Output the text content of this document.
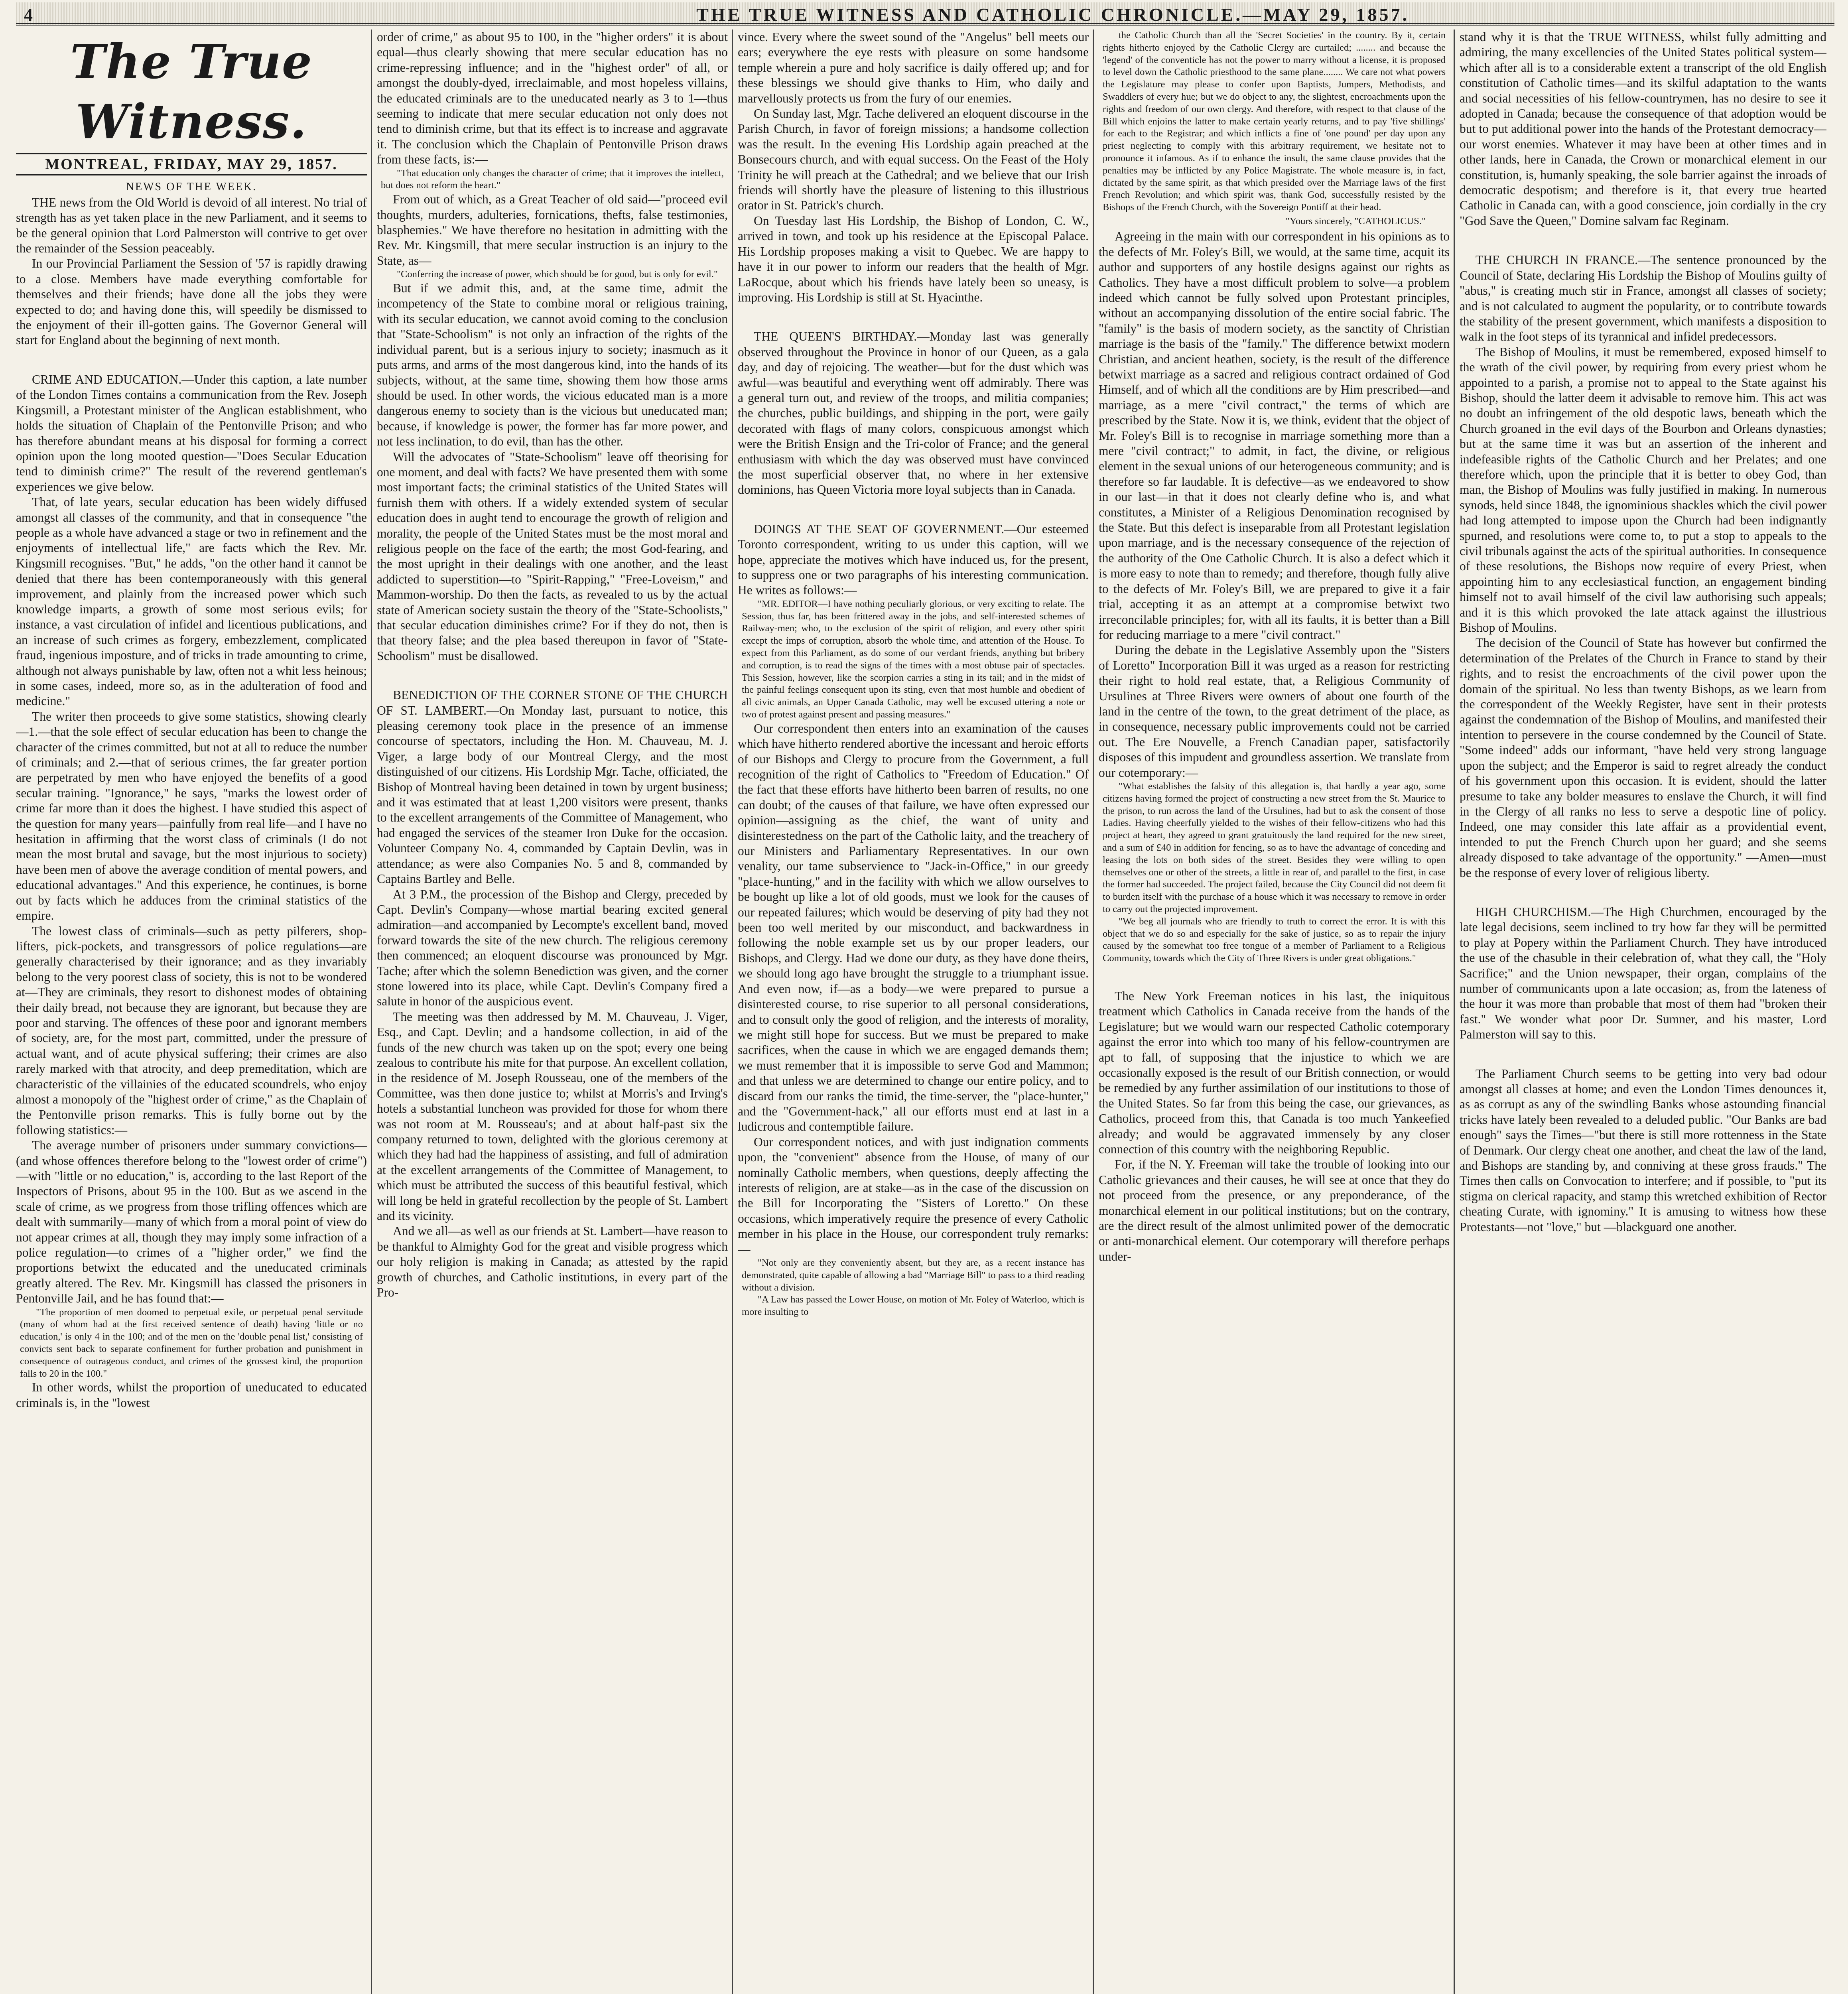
4	THE TRUE WITNESS AND CATHOLIC CHRONICLE.—MAY 29, 1857.
The True Witness.
MONTREAL, FRIDAY, MAY 29, 1857.

NEWS OF THE WEEK.

THE news from the Old World is devoid of all interest. No trial of strength has as yet taken place in the new Parliament, and it seems to be the general opinion that Lord Palmerston will contrive to get over the remainder of the Session peaceably.

In our Provincial Parliament the Session of '57 is rapidly drawing to a close. Members have made everything comfortable for themselves and their friends; have done all the jobs they were expected to do; and having done this, will speedily be dismissed to the enjoyment of their ill-gotten gains. The Governor General will start for England about the beginning of next month.

CRIME AND EDUCATION.—Under this caption, a late number of the London Times contains a communication from the Rev. Joseph Kingsmill, a Protestant minister of the Anglican establishment, who holds the situation of Chaplain of the Pentonville Prison; and who has therefore abundant means at his disposal for forming a correct opinion upon the long mooted question—"Does Secular Education tend to diminish crime?" The result of the reverend gentleman's experiences we give below.

That, of late years, secular education has been widely diffused amongst all classes of the community, and that in consequence "the people as a whole have advanced a stage or two in refinement and the enjoyments of intellectual life," are facts which the Rev. Mr. Kingsmill recognises. "But," he adds, "on the other hand it cannot be denied that there has been contemporaneously with this general improvement, and plainly from the increased power which such knowledge imparts, a growth of some most serious evils; for instance, a vast circulation of infidel and licentious publications, and an increase of such crimes as forgery, embezzlement, complicated fraud, ingenious imposture, and of tricks in trade amounting to crime, although not always punishable by law, often not a whit less heinous; in some cases, indeed, more so, as in the adulteration of food and medicine."

The writer then proceeds to give some statistics, showing clearly—1.—that the sole effect of secular education has been to change the character of the crimes committed, but not at all to reduce the number of criminals; and 2.—that of serious crimes, the far greater portion are perpetrated by men who have enjoyed the benefits of a good secular training. "Ignorance," he says, "marks the lowest order of crime far more than it does the highest. I have studied this aspect of the question for many years—painfully from real life—and I have no hesitation in affirming that the worst class of criminals (I do not mean the most brutal and savage, but the most injurious to society) have been men of above the average condition of mental powers, and educational advantages." And this experience, he continues, is borne out by facts which he adduces from the criminal statistics of the empire.

The lowest class of criminals—such as petty pilferers, shop-lifters, pick-pockets, and transgressors of police regulations—are generally characterised by their ignorance; and as they invariably belong to the very poorest class of society, this is not to be wondered at—They are criminals, they resort to dishonest modes of obtaining their daily bread, not because they are ignorant, but because they are poor and starving. The offences of these poor and ignorant members of society, are, for the most part, committed, under the pressure of actual want, and of acute physical suffering; their crimes are also rarely marked with that atrocity, and deep premeditation, which are characteristic of the villainies of the educated scoundrels, who enjoy almost a monopoly of the "highest order of crime," as the Chaplain of the Pentonville prison remarks. This is fully borne out by the following statistics:—

The average number of prisoners under summary convictions—(and whose offences therefore belong to the "lowest order of crime")—with "little or no education," is, according to the last Report of the Inspectors of Prisons, about 95 in the 100. But as we ascend in the scale of crime, as we progress from those trifling offences which are dealt with summarily—many of which from a moral point of view do not appear crimes at all, though they may imply some infraction of a police regulation—to crimes of a "higher order," we find the proportions betwixt the educated and the uneducated criminals greatly altered. The Rev. Mr. Kingsmill has classed the prisoners in Pentonville Jail, and he has found that:—

"The proportion of men doomed to perpetual exile, or perpetual penal servitude (many of whom had at the first received sentence of death) having 'little or no education,' is only 4 in the 100; and of the men on the 'double penal list,' consisting of convicts sent back to separate confinement for further probation and punishment in consequence of outrageous conduct, and crimes of the grossest kind, the proportion falls to 20 in the 100."

In other words, whilst the proportion of uneducated to educated criminals is, in the "lowest

order of crime," as about 95 to 100, in the "higher orders" it is about equal—thus clearly showing that mere secular education has no crime-repressing influence; and in the "highest order" of all, or amongst the doubly-dyed, irreclaimable, and most hopeless villains, the educated criminals are to the uneducated nearly as 3 to 1—thus seeming to indicate that mere secular education not only does not tend to diminish crime, but that its effect is to increase and aggravate it. The conclusion which the Chaplain of Pentonville Prison draws from these facts, is:—

"That education only changes the character of crime; that it improves the intellect, but does not reform the heart."

From out of which, as a Great Teacher of old said—"proceed evil thoughts, murders, adulteries, fornications, thefts, false testimonies, blasphemies." We have therefore no hesitation in admitting with the Rev. Mr. Kingsmill, that mere secular instruction is an injury to the State, as—

"Conferring the increase of power, which should be for good, but is only for evil."

But if we admit this, and, at the same time, admit the incompetency of the State to combine moral or religious training, with its secular education, we cannot avoid coming to the conclusion that "State-Schoolism" is not only an infraction of the rights of the individual parent, but is a serious injury to society; inasmuch as it puts arms, and arms of the most dangerous kind, into the hands of its subjects, without, at the same time, showing them how those arms should be used. In other words, the vicious educated man is a more dangerous enemy to society than is the vicious but uneducated man; because, if knowledge is power, the former has far more power, and not less inclination, to do evil, than has the other.

Will the advocates of "State-Schoolism" leave off theorising for one moment, and deal with facts? We have presented them with some most important facts; the criminal statistics of the United States will furnish them with others. If a widely extended system of secular education does in aught tend to encourage the growth of religion and morality, the people of the United States must be the most moral and religious people on the face of the earth; the most God-fearing, and the most upright in their dealings with one another, and the least addicted to superstition—to "Spirit-Rapping," "Free-Loveism," and Mammon-worship. Do then the facts, as revealed to us by the actual state of American society sustain the theory of the "State-Schoolists," that secular education diminishes crime? For if they do not, then is that theory false; and the plea based thereupon in favor of "State-Schoolism" must be disallowed.

BENEDICTION OF THE CORNER STONE OF THE CHURCH OF ST. LAMBERT.—On Monday last, pursuant to notice, this pleasing ceremony took place in the presence of an immense concourse of spectators, including the Hon. M. Chauveau, M. J. Viger, a large body of our Montreal Clergy, and the most distinguished of our citizens. His Lordship Mgr. Tache, officiated, the Bishop of Montreal having been detained in town by urgent business; and it was estimated that at least 1,200 visitors were present, thanks to the excellent arrangements of the Committee of Management, who had engaged the services of the steamer Iron Duke for the occasion. Volunteer Company No. 4, commanded by Captain Devlin, was in attendance; as were also Companies No. 5 and 8, commanded by Captains Bartley and Belle.

At 3 P.M., the procession of the Bishop and Clergy, preceded by Capt. Devlin's Company—whose martial bearing excited general admiration—and accompanied by Lecompte's excellent band, moved forward towards the site of the new church. The religious ceremony then commenced; an eloquent discourse was pronounced by Mgr. Tache; after which the solemn Benediction was given, and the corner stone lowered into its place, while Capt. Devlin's Company fired a salute in honor of the auspicious event.

The meeting was then addressed by M. M. Chauveau, J. Viger, Esq., and Capt. Devlin; and a handsome collection, in aid of the funds of the new church was taken up on the spot; every one being zealous to contribute his mite for that purpose. An excellent collation, in the residence of M. Joseph Rousseau, one of the members of the Committee, was then done justice to; whilst at Morris's and Irving's hotels a substantial luncheon was provided for those for whom there was not room at M. Rousseau's; and at about half-past six the company returned to town, delighted with the glorious ceremony at which they had had the happiness of assisting, and full of admiration at the excellent arrangements of the Committee of Management, to which must be attributed the success of this beautiful festival, which will long be held in grateful recollection by the people of St. Lambert and its vicinity.

And we all—as well as our friends at St. Lambert—have reason to be thankful to Almighty God for the great and visible progress which our holy religion is making in Canada; as attested by the rapid growth of churches, and Catholic institutions, in every part of the Pro-

vince. Every where the sweet sound of the "Angelus" bell meets our ears; everywhere the eye rests with pleasure on some handsome temple wherein a pure and holy sacrifice is daily offered up; and for these blessings we should give thanks to Him, who daily and marvellously protects us from the fury of our enemies.

On Sunday last, Mgr. Tache delivered an eloquent discourse in the Parish Church, in favor of foreign missions; a handsome collection was the result. In the evening His Lordship again preached at the Bonsecours church, and with equal success. On the Feast of the Holy Trinity he will preach at the Cathedral; and we believe that our Irish friends will shortly have the pleasure of listening to this illustrious orator in St. Patrick's church.

On Tuesday last His Lordship, the Bishop of London, C. W., arrived in town, and took up his residence at the Episcopal Palace. His Lordship proposes making a visit to Quebec. We are happy to have it in our power to inform our readers that the health of Mgr. LaRocque, about which his friends have lately been so uneasy, is improving. His Lordship is still at St. Hyacinthe.

THE QUEEN'S BIRTHDAY.—Monday last was generally observed throughout the Province in honor of our Queen, as a gala day, and day of rejoicing. The weather—but for the dust which was awful—was beautiful and everything went off admirably. There was a general turn out, and review of the troops, and militia companies; the churches, public buildings, and shipping in the port, were gaily decorated with flags of many colors, conspicuous amongst which were the British Ensign and the Tri-color of France; and the general enthusiasm with which the day was observed must have convinced the most superficial observer that, no where in her extensive dominions, has Queen Victoria more loyal subjects than in Canada.

DOINGS AT THE SEAT OF GOVERNMENT.—Our esteemed Toronto correspondent, writing to us under this caption, will we hope, appreciate the motives which have induced us, for the present, to suppress one or two paragraphs of his interesting communication. He writes as follows:—

"MR. EDITOR—I have nothing peculiarly glorious, or very exciting to relate. The Session, thus far, has been frittered away in the jobs, and self-interested schemes of Railway-men; who, to the exclusion of the spirit of religion, and every other spirit except the imps of corruption, absorb the whole time, and attention of the House. To expect from this Parliament, as do some of our verdant friends, anything but bribery and corruption, is to read the signs of the times with a most obtuse pair of spectacles. This Session, however, like the scorpion carries a sting in its tail; and in the midst of the painful feelings consequent upon its sting, even that most humble and obedient of all civic animals, an Upper Canada Catholic, may well be excused uttering a note or two of protest against present and passing measures."

Our correspondent then enters into an examination of the causes which have hitherto rendered abortive the incessant and heroic efforts of our Bishops and Clergy to procure from the Government, a full recognition of the right of Catholics to "Freedom of Education." Of the fact that these efforts have hitherto been barren of results, no one can doubt; of the causes of that failure, we have often expressed our opinion—assigning as the chief, the want of unity and disinterestedness on the part of the Catholic laity, and the treachery of our Ministers and Parliamentary Representatives. In our own venality, our tame subservience to "Jack-in-Office," in our greedy "place-hunting," and in the facility with which we allow ourselves to be bought up like a lot of old goods, must we look for the causes of our repeated failures; which would be deserving of pity had they not been too well merited by our misconduct, and backwardness in following the noble example set us by our proper leaders, our Bishops, and Clergy. Had we done our duty, as they have done theirs, we should long ago have brought the struggle to a triumphant issue. And even now, if—as a body—we were prepared to pursue a disinterested course, to rise superior to all personal considerations, and to consult only the good of religion, and the interests of morality, we might still hope for success. But we must be prepared to make sacrifices, when the cause in which we are engaged demands them; we must remember that it is impossible to serve God and Mammon; and that unless we are determined to change our entire policy, and to discard from our ranks the timid, the time-server, the "place-hunter," and the "Government-hack," all our efforts must end at last in a ludicrous and contemptible failure.

Our correspondent notices, and with just indignation comments upon, the "convenient" absence from the House, of many of our nominally Catholic members, when questions, deeply affecting the interests of religion, are at stake—as in the case of the discussion on the Bill for Incorporating the "Sisters of Loretto." On these occasions, which imperatively require the presence of every Catholic member in his place in the House, our correspondent truly remarks:—

"Not only are they conveniently absent, but they are, as a recent instance has demonstrated, quite capable of allowing a bad "Marriage Bill" to pass to a third reading without a division.

"A Law has passed the Lower House, on motion of Mr. Foley of Waterloo, which is more insulting to

the Catholic Church than all the 'Secret Societies' in the country. By it, certain rights hitherto enjoyed by the Catholic Clergy are curtailed; ........ and because the 'legend' of the conventicle has not the power to marry without a license, it is proposed to level down the Catholic priesthood to the same plane........ We care not what powers the Legislature may please to confer upon Baptists, Jumpers, Methodists, and Swaddlers of every hue; but we do object to any, the slightest, encroachments upon the rights and freedom of our own clergy. And therefore, with respect to that clause of the Bill which enjoins the latter to make certain yearly returns, and to pay 'five shillings' for each to the Registrar; and which inflicts a fine of 'one pound' per day upon any priest neglecting to comply with this arbitrary requirement, we hesitate not to pronounce it infamous. As if to enhance the insult, the same clause provides that the penalties may be inflicted by any Police Magistrate. The whole measure is, in fact, dictated by the same spirit, as that which presided over the Marriage laws of the first French Revolution; and which spirit was, thank God, successfully resisted by the Bishops of the French Church, with the Sovereign Pontiff at their head.

"Yours sincerely, "CATHOLICUS."

Agreeing in the main with our correspondent in his opinions as to the defects of Mr. Foley's Bill, we would, at the same time, acquit its author and supporters of any hostile designs against our rights as Catholics. They have a most difficult problem to solve—a problem indeed which cannot be fully solved upon Protestant principles, without an accompanying dissolution of the entire social fabric. The "family" is the basis of modern society, as the sanctity of Christian marriage is the basis of the "family." The difference betwixt modern Christian, and ancient heathen, society, is the result of the difference betwixt marriage as a sacred and religious contract ordained of God Himself, and of which all the conditions are by Him prescribed—and marriage, as a mere "civil contract," the terms of which are prescribed by the State. Now it is, we think, evident that the object of Mr. Foley's Bill is to recognise in marriage something more than a mere "civil contract;" to admit, in fact, the divine, or religious element in the sexual unions of our heterogeneous community; and is therefore so far laudable. It is defective—as we endeavored to show in our last—in that it does not clearly define who is, and what constitutes, a Minister of a Religious Denomination recognised by the State. But this defect is inseparable from all Protestant legislation upon marriage, and is the necessary consequence of the rejection of the authority of the One Catholic Church. It is also a defect which it is more easy to note than to remedy; and therefore, though fully alive to the defects of Mr. Foley's Bill, we are prepared to give it a fair trial, accepting it as an attempt at a compromise betwixt two irreconcilable principles; for, with all its faults, it is better than a Bill for reducing marriage to a mere "civil contract."

During the debate in the Legislative Assembly upon the "Sisters of Loretto" Incorporation Bill it was urged as a reason for restricting their right to hold real estate, that, a Religious Community of Ursulines at Three Rivers were owners of about one fourth of the land in the centre of the town, to the great detriment of the place, as in consequence, necessary public improvements could not be carried out. The Ere Nouvelle, a French Canadian paper, satisfactorily disposes of this impudent and groundless assertion. We translate from our cotemporary:—

"What establishes the falsity of this allegation is, that hardly a year ago, some citizens having formed the project of constructing a new street from the St. Maurice to the prison, to run across the land of the Ursulines, had but to ask the consent of those Ladies. Having cheerfully yielded to the wishes of their fellow-citizens who had this project at heart, they agreed to grant gratuitously the land required for the new street, and a sum of £40 in addition for fencing, so as to have the advantage of conceding and leasing the lots on both sides of the street. Besides they were willing to open themselves one or other of the streets, a little in rear of, and parallel to the first, in case the former had succeeded. The project failed, because the City Council did not deem fit to burden itself with the purchase of a house which it was necessary to remove in order to carry out the projected improvement.

"We beg all journals who are friendly to truth to correct the error. It is with this object that we do so and especially for the sake of justice, so as to repair the injury caused by the somewhat too free tongue of a member of Parliament to a Religious Community, towards which the City of Three Rivers is under great obligations."

The New York Freeman notices in his last, the iniquitous treatment which Catholics in Canada receive from the hands of the Legislature; but we would warn our respected Catholic cotemporary against the error into which too many of his fellow-countrymen are apt to fall, of supposing that the injustice to which we are occasionally exposed is the result of our British connection, or would be remedied by any further assimilation of our institutions to those of the United States. So far from this being the case, our grievances, as Catholics, proceed from this, that Canada is too much Yankeefied already; and would be aggravated immensely by any closer connection of this country with the neighboring Republic.

For, if the N. Y. Freeman will take the trouble of looking into our Catholic grievances and their causes, he will see at once that they do not proceed from the presence, or any preponderance, of the monarchical element in our political institutions; but on the contrary, are the direct result of the almost unlimited power of the democratic or anti-monarchical element. Our cotemporary will therefore perhaps under-

stand why it is that the TRUE WITNESS, whilst fully admitting and admiring, the many excellencies of the United States political system—which after all is to a considerable extent a transcript of the old English constitution of Catholic times—and its skilful adaptation to the wants and social necessities of his fellow-countrymen, has no desire to see it adopted in Canada; because the consequence of that adoption would be but to put additional power into the hands of the Protestant democracy—our worst enemies. Whatever it may have been at other times and in other lands, here in Canada, the Crown or monarchical element in our constitution, is, humanly speaking, the sole barrier against the inroads of democratic despotism; and therefore is it, that every true hearted Catholic in Canada can, with a good conscience, join cordially in the cry "God Save the Queen," Domine salvam fac Reginam.

THE CHURCH IN FRANCE.—The sentence pronounced by the Council of State, declaring His Lordship the Bishop of Moulins guilty of "abus," is creating much stir in France, amongst all classes of society; and is not calculated to augment the popularity, or to contribute towards the stability of the present government, which manifests a disposition to walk in the foot steps of its tyrannical and infidel predecessors.

The Bishop of Moulins, it must be remembered, exposed himself to the wrath of the civil power, by requiring from every priest whom he appointed to a parish, a promise not to appeal to the State against his Bishop, should the latter deem it advisable to remove him. This act was no doubt an infringement of the old despotic laws, beneath which the Church groaned in the evil days of the Bourbon and Orleans dynasties; but at the same time it was but an assertion of the inherent and indefeasible rights of the Catholic Church and her Prelates; and one therefore which, upon the principle that it is better to obey God, than man, the Bishop of Moulins was fully justified in making. In numerous synods, held since 1848, the ignominious shackles which the civil power had long attempted to impose upon the Church had been indignantly spurned, and resolutions were come to, to put a stop to appeals to the civil tribunals against the acts of the spiritual authorities. In consequence of these resolutions, the Bishops now require of every Priest, when appointing him to any ecclesiastical function, an engagement binding himself not to avail himself of the civil law authorising such appeals; and it is this which provoked the late attack against the illustrious Bishop of Moulins.

The decision of the Council of State has however but confirmed the determination of the Prelates of the Church in France to stand by their rights, and to resist the encroachments of the civil power upon the domain of the spiritual. No less than twenty Bishops, as we learn from the correspondent of the Weekly Register, have sent in their protests against the condemnation of the Bishop of Moulins, and manifested their intention to persevere in the course condemned by the Council of State. "Some indeed" adds our informant, "have held very strong language upon the subject; and the Emperor is said to regret already the conduct of his government upon this occasion. It is evident, should the latter presume to take any bolder measures to enslave the Church, it will find in the Clergy of all ranks no less to serve a despotic line of policy. Indeed, one may consider this late affair as a providential event, intended to put the French Church upon her guard; and she seems already disposed to take advantage of the opportunity." —Amen—must be the response of every lover of religious liberty.

HIGH CHURCHISM.—The High Churchmen, encouraged by the late legal decisions, seem inclined to try how far they will be permitted to play at Popery within the Parliament Church. They have introduced the use of the chasuble in their celebration of, what they call, the "Holy Sacrifice;" and the Union newspaper, their organ, complains of the number of communicants upon a late occasion; as, from the lateness of the hour it was more than probable that most of them had "broken their fast." We wonder what poor Dr. Sumner, and his master, Lord Palmerston will say to this.

The Parliament Church seems to be getting into very bad odour amongst all classes at home; and even the London Times denounces it, as as corrupt as any of the swindling Banks whose astounding financial tricks have lately been revealed to a deluded public. "Our Banks are bad enough" says the Times—"but there is still more rottenness in the State of Denmark. Our clergy cheat one another, and cheat the law of the land, and Bishops are standing by, and conniving at these gross frauds." The Times then calls on Convocation to interfere; and if possible, to "put its stigma on clerical rapacity, and stamp this wretched exhibition of Rector cheating Curate, with ignominy." It is amusing to witness how these Protestants—not "love," but —blackguard one another.
